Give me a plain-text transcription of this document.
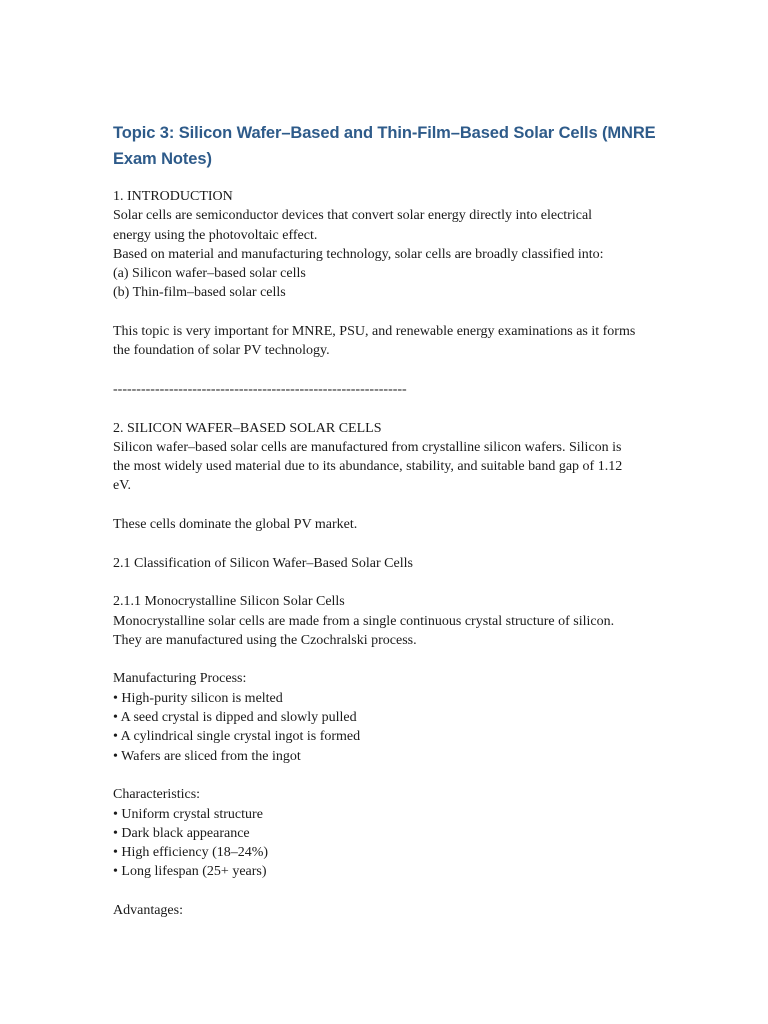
Topic 3: Silicon Wafer–Based and Thin-Film–Based Solar Cells (MNRE
Exam Notes)
1. INTRODUCTION
Solar cells are semiconductor devices that convert solar energy directly into electrical
energy using the photovoltaic effect.
Based on material and manufacturing technology, solar cells are broadly classified into:
(a) Silicon wafer–based solar cells
(b) Thin-film–based solar cells
This topic is very important for MNRE, PSU, and renewable energy examinations as it forms
the foundation of solar PV technology.
---------------------------------------------------------------
2. SILICON WAFER–BASED SOLAR CELLS
Silicon wafer–based solar cells are manufactured from crystalline silicon wafers. Silicon is
the most widely used material due to its abundance, stability, and suitable band gap of 1.12
eV.
These cells dominate the global PV market.
2.1 Classification of Silicon Wafer–Based Solar Cells
2.1.1 Monocrystalline Silicon Solar Cells
Monocrystalline solar cells are made from a single continuous crystal structure of silicon.
They are manufactured using the Czochralski process.
Manufacturing Process:
• High-purity silicon is melted
• A seed crystal is dipped and slowly pulled
• A cylindrical single crystal ingot is formed
• Wafers are sliced from the ingot
Characteristics:
• Uniform crystal structure
• Dark black appearance
• High efficiency (18–24%)
• Long lifespan (25+ years)
Advantages:
